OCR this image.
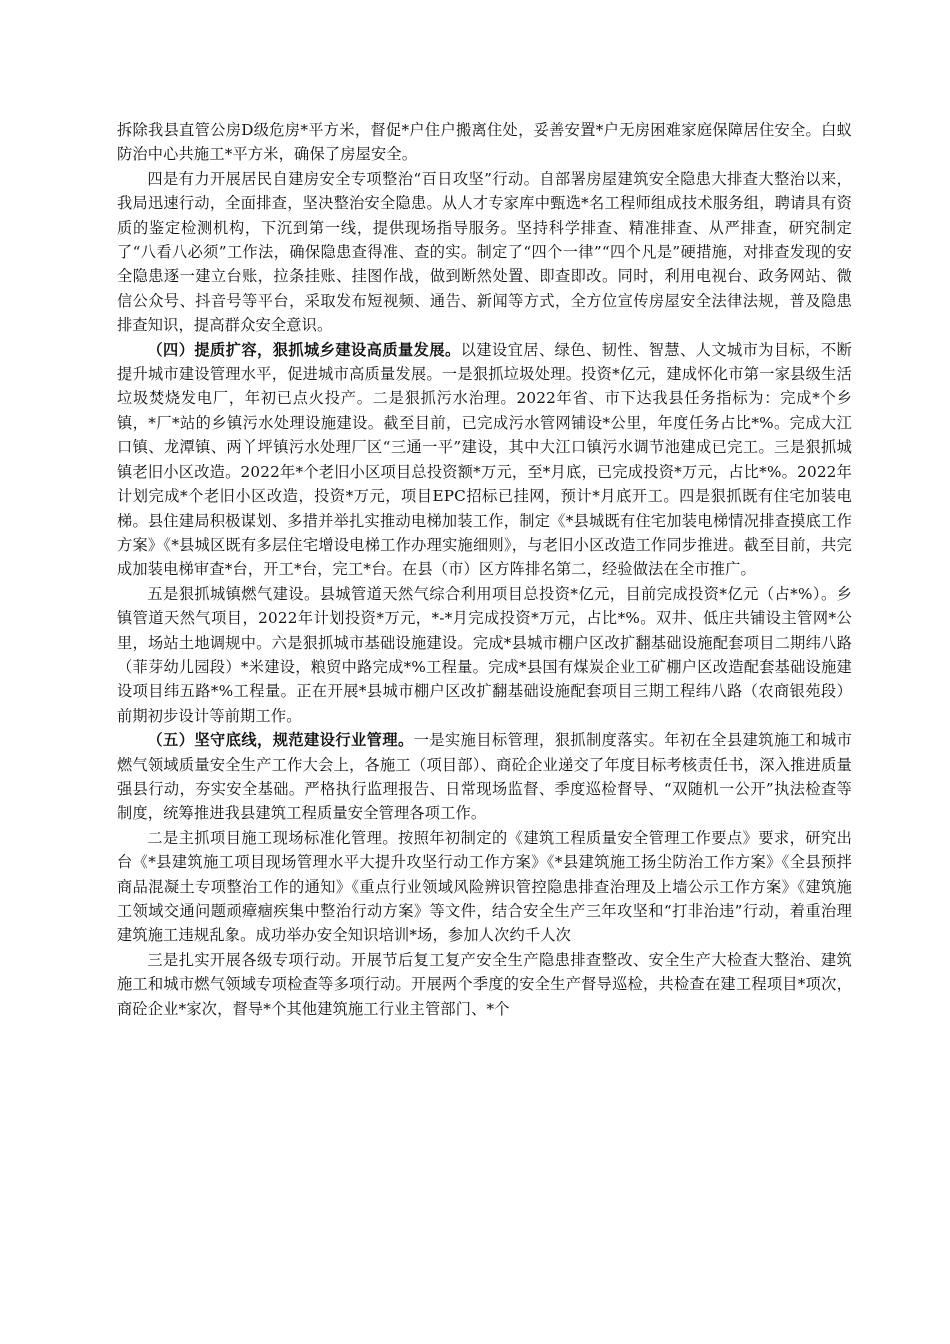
拆除我县直管公房D级危房*平方米，督促*户住户搬离住处，妥善安置*户无房困难家庭保障居住安全。白蚁防治中心共施工*平方米，确保了房屋安全。

四是有力开展居民自建房安全专项整治“百日攻坚”行动。自部署房屋建筑安全隐患大排查大整治以来，我局迅速行动，全面排查，坚决整治安全隐患。从人才专家库中甄选*名工程师组成技术服务组，聘请具有资质的鉴定检测机构，下沉到第一线，提供现场指导服务。坚持科学排查、精准排查、从严排查，研究制定了“八看八必须”工作法，确保隐患查得准、查的实。制定了“四个一律”“四个凡是”硬措施，对排查发现的安全隐患逐一建立台账，拉条挂账、挂图作战，做到断然处置、即查即改。同时，利用电视台、政务网站、微信公众号、抖音号等平台，采取发布短视频、通告、新闻等方式，全方位宣传房屋安全法律法规，普及隐患排查知识，提高群众安全意识。

（四）提质扩容，狠抓城乡建设高质量发展。以建设宜居、绿色、韧性、智慧、人文城市为目标，不断提升城市建设管理水平，促进城市高质量发展。一是狠抓垃圾处理。投资*亿元，建成怀化市第一家县级生活垃圾焚烧发电厂，年初已点火投产。二是狠抓污水治理。2022年省、市下达我县任务指标为：完成*个乡镇，*厂*站的乡镇污水处理设施建设。截至目前，已完成污水管网铺设*公里，年度任务占比*%。完成大江口镇、龙潭镇、两丫坪镇污水处理厂区“三通一平”建设，其中大江口镇污水调节池建成已完工。三是狠抓城镇老旧小区改造。2022年*个老旧小区项目总投资额*万元，至*月底，已完成投资*万元，占比*%。2022年计划完成*个老旧小区改造，投资*万元，项目EPC招标已挂网，预计*月底开工。四是狠抓既有住宅加装电梯。县住建局积极谋划、多措并举扎实推动电梯加装工作，制定《*县城既有住宅加装电梯情况排查摸底工作方案》《*县城区既有多层住宅增设电梯工作办理实施细则》，与老旧小区改造工作同步推进。截至目前，共完成加装电梯审查*台，开工*台，完工*台。在县（市）区方阵排名第二，经验做法在全市推广。

五是狠抓城镇燃气建设。县城管道天然气综合利用项目总投资*亿元，目前完成投资*亿元（占*%）。乡镇管道天然气项目，2022年计划投资*万元，*-*月完成投资*万元，占比*%。双井、低庄共铺设主管网*公里，场站土地调规中。六是狠抓城市基础设施建设。完成*县城市棚户区改扩翻基础设施配套项目二期纬八路（菲芽幼儿园段）*米建设，粮贸中路完成*%工程量。完成*县国有煤炭企业工矿棚户区改造配套基础设施建设项目纬五路*%工程量。正在开展*县城市棚户区改扩翻基础设施配套项目三期工程纬八路（农商银苑段）前期初步设计等前期工作。

（五）坚守底线，规范建设行业管理。一是实施目标管理，狠抓制度落实。年初在全县建筑施工和城市燃气领域质量安全生产工作大会上，各施工（项目部）、商砼企业递交了年度目标考核责任书，深入推进质量强县行动，夯实安全基础。严格执行监理报告、日常现场监督、季度巡检督导、“双随机一公开”执法检查等制度，统筹推进我县建筑工程质量安全管理各项工作。

二是主抓项目施工现场标准化管理。按照年初制定的《建筑工程质量安全管理工作要点》要求，研究出台《*县建筑施工项目现场管理水平大提升攻坚行动工作方案》《*县建筑施工扬尘防治工作方案》《全县预拌商品混凝土专项整治工作的通知》《重点行业领域风险辨识管控隐患排查治理及上墙公示工作方案》《建筑施工领域交通问题顽瘴痼疾集中整治行动方案》等文件，结合安全生产三年攻坚和“打非治违”行动，着重治理建筑施工违规乱象。成功举办安全知识培训*场，参加人次约千人次

三是扎实开展各级专项行动。开展节后复工复产安全生产隐患排查整改、安全生产大检查大整治、建筑施工和城市燃气领域专项检查等多项行动。开展两个季度的安全生产督导巡检，共检查在建工程项目*项次，商砼企业*家次，督导*个其他建筑施工行业主管部门、*个
